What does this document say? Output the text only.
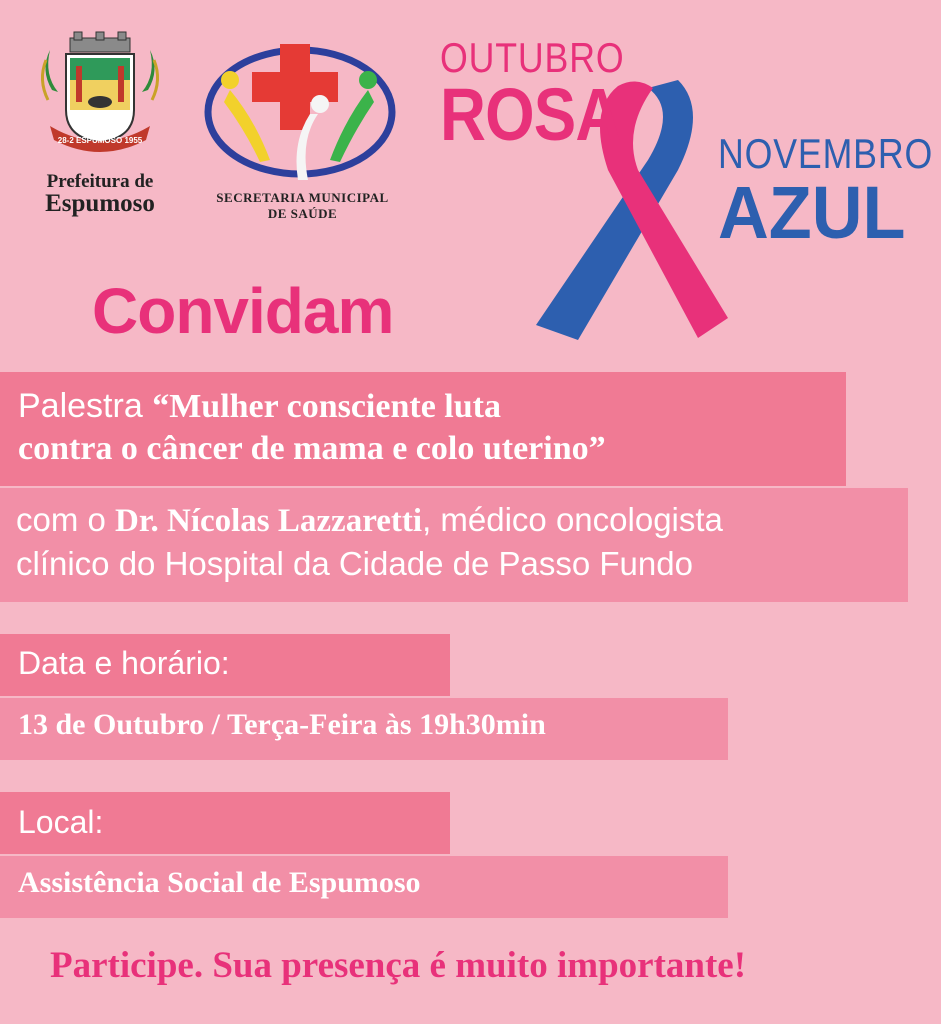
28-2 ESPUMOSO 1955
Prefeitura de
Espumoso	SECRETARIA MUNICIPAL
DE SAÚDE
OUTUBRO
ROSA NOVEMBRO
AZUL
Convidam
Palestra “Mulher consciente luta
contra o câncer de mama e colo uterino”
com o Dr. Nícolas Lazzaretti, médico oncologista
clínico do Hospital da Cidade de Passo Fundo
Data e horário:
13 de Outubro / Terça-Feira às 19h30min
Local:
Assistência Social de Espumoso
Participe. Sua presença é muito importante!
